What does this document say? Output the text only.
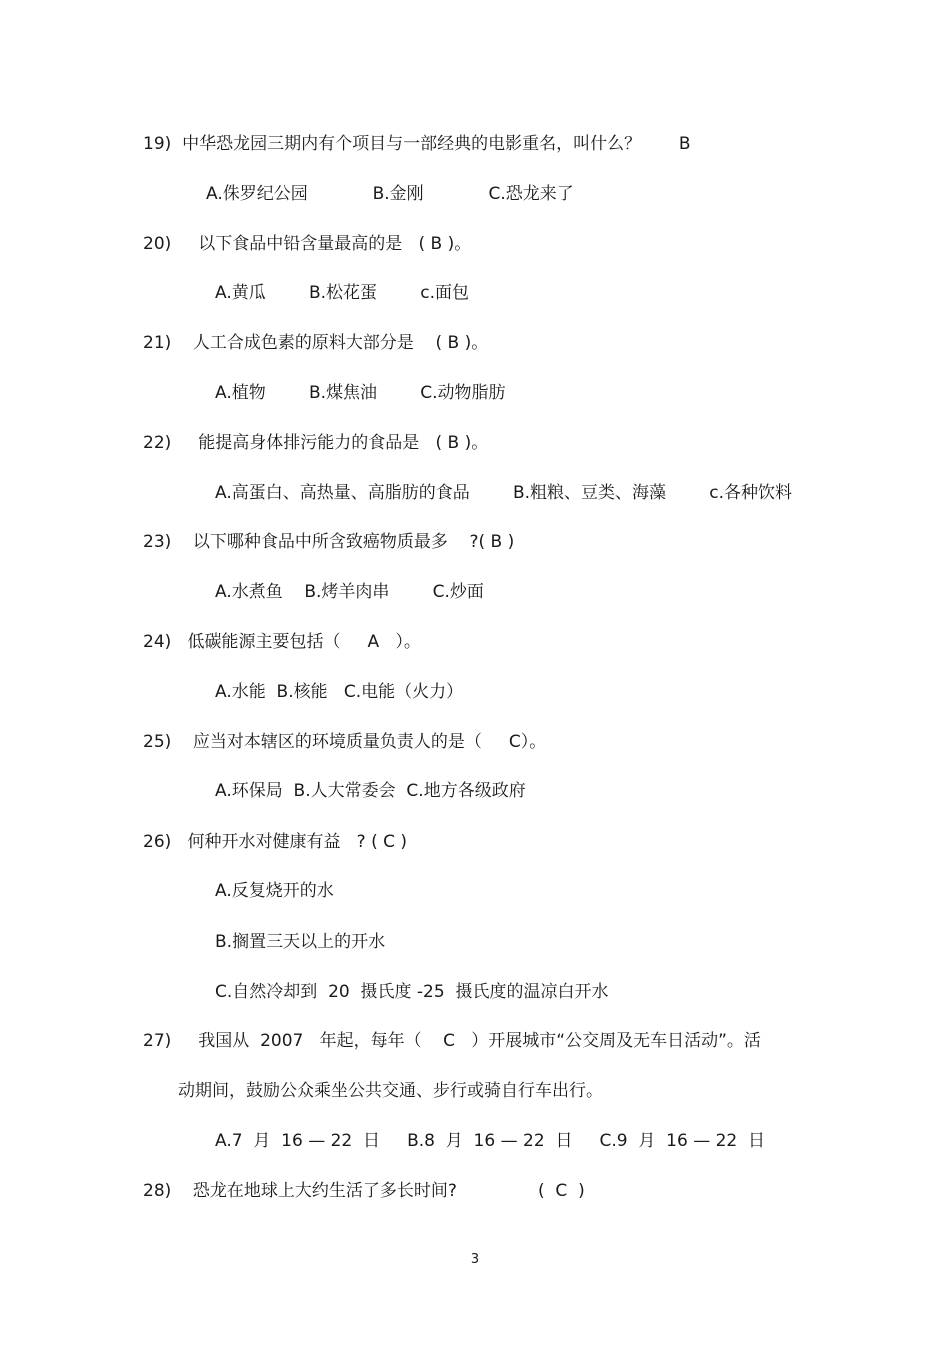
19)  中华恐龙园三期内有个项目与一部经典的电影重名，叫什么？       B
A.侏罗纪公园            B.金刚            C.恐龙来了
20)     以下食品中铅含量最高的是   ( B )。
A.黄瓜        B.松花蛋        c.面包
21)    人工合成色素的原料大部分是    ( B )。
A.植物        B.煤焦油        C.动物脂肪
22)     能提高身体排污能力的食品是   ( B )。
A.高蛋白、高热量、高脂肪的食品        B.粗粮、豆类、海藻        c.各种饮料
23)    以下哪种食品中所含致癌物质最多    ?( B )
A.水煮鱼    B.烤羊肉串        C.炒面
24)   低碳能源主要包括（     A   ）。
A.水能  B.核能   C.电能（火力）
25)    应当对本辖区的环境质量负责人的是（     C）。
A.环保局  B.人大常委会  C.地方各级政府
26)   何种开水对健康有益   ? ( C )
A.反复烧开的水
B.搁置三天以上的开水
C.自然冷却到  20  摄氏度 -25  摄氏度的温凉白开水
27)     我国从  2007   年起，每年（    C   ）开展城市“公交周及无车日活动”。活
动期间，鼓励公众乘坐公共交通、步行或骑自行车出行。
A.7  月  16 — 22  日     B.8  月  16 — 22  日     C.9  月  16 — 22  日
28)    恐龙在地球上大约生活了多长时间?               (  C  )
3
